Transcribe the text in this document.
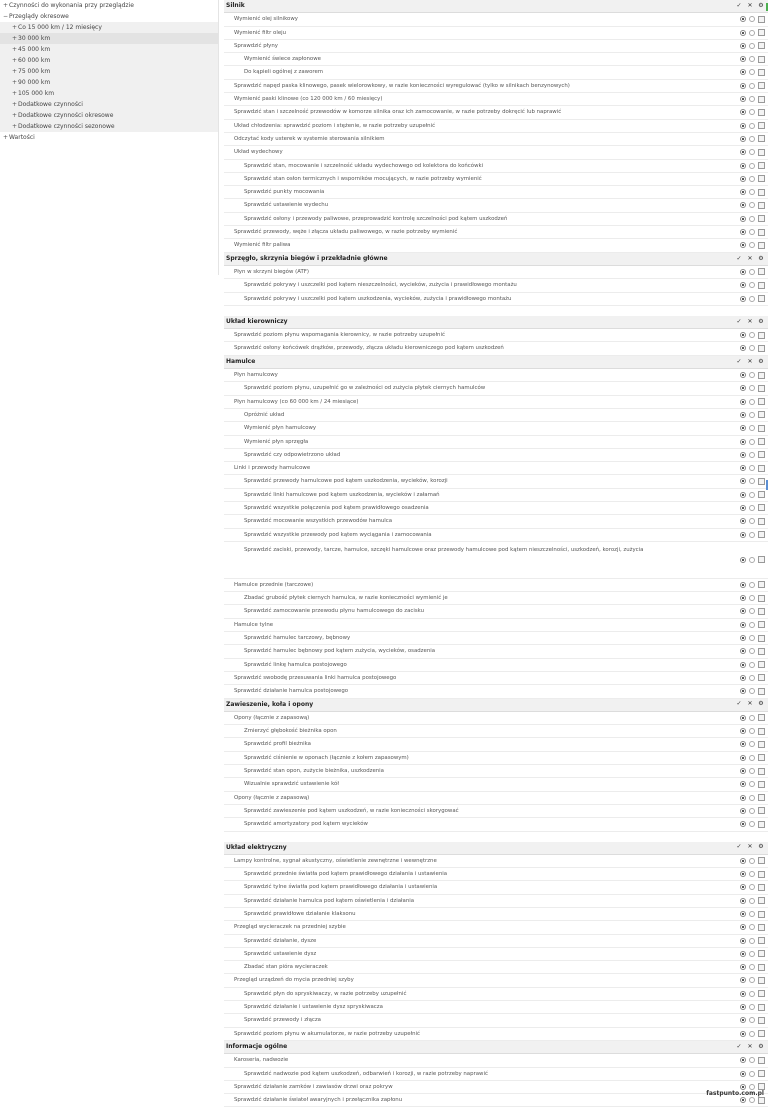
+Czynności do wykonania przy przeglądzie
−Przeglądy okresowe
+Co 15 000 km / 12 miesięcy
+30 000 km
+45 000 km
+60 000 km
+75 000 km
+90 000 km
+105 000 km
+Dodatkowe czynności
+Dodatkowe czynności okresowe
+Dodatkowe czynności sezonowe
+Wartości
Silnik	✓ ✕ ⚙
Wymienić olej silnikowy
Wymienić filtr oleju
Sprawdzić płyny
Wymienić świece zapłonowe
Do kąpieli ogólnej z zaworem
Sprawdzić napęd paska klinowego, pasek wielorowkowy, w razie konieczności wyregulować (tylko w silnikach benzynowych)
Wymienić paski klinowe (co 120 000 km / 60 miesięcy)
Sprawdzić stan i szczelność przewodów w komorze silnika oraz ich zamocowanie, w razie potrzeby dokręcić lub naprawić
Układ chłodzenia: sprawdzić poziom i stężenie, w razie potrzeby uzupełnić
Odczytać kody usterek w systemie sterowania silnikiem
Układ wydechowy
Sprawdzić stan, mocowanie i szczelność układu wydechowego od kolektora do końcówki
Sprawdzić stan osłon termicznych i wsporników mocujących, w razie potrzeby wymienić
Sprawdzić punkty mocowania
Sprawdzić ustawienie wydechu
Sprawdzić osłony i przewody paliwowe, przeprowadzić kontrolę szczelności pod kątem uszkodzeń
Sprawdzić przewody, węże i złącza układu paliwowego, w razie potrzeby wymienić
Wymienić filtr paliwa
Sprzęgło, skrzynia biegów i przekładnie główne	✓ ✕ ⚙
Płyn w skrzyni biegów (ATF)
Sprawdzić pokrywy i uszczelki pod kątem nieszczelności, wycieków, zużycia i prawidłowego montażu
Sprawdzić pokrywy i uszczelki pod kątem uszkodzenia, wycieków, zużycia i prawidłowego montażu
Układ kierowniczy	✓ ✕ ⚙
Sprawdzić poziom płynu wspomagania kierownicy, w razie potrzeby uzupełnić
Sprawdzić osłony końcówek drążków, przewody, złącza układu kierowniczego pod kątem uszkodzeń
Hamulce	✓ ✕ ⚙
Płyn hamulcowy
Sprawdzić poziom płynu, uzupełnić go w zależności od zużycia płytek ciernych hamulców
Płyn hamulcowy (co 60 000 km / 24 miesiące)
Opróżnić układ
Wymienić płyn hamulcowy
Wymienić płyn sprzęgła
Sprawdzić czy odpowietrzono układ
Linki i przewody hamulcowe
Sprawdzić przewody hamulcowe pod kątem uszkodzenia, wycieków, korozji
Sprawdzić linki hamulcowe pod kątem uszkodzenia, wycieków i załamań
Sprawdzić wszystkie połączenia pod kątem prawidłowego osadzenia
Sprawdzić mocowanie wszystkich przewodów hamulca
Sprawdzić wszystkie przewody pod kątem wyciągania i zamocowania
Sprawdzić zaciski, przewody, tarcze, hamulce, szczęki hamulcowe oraz przewody hamulcowe pod kątem nieszczelności, uszkodzeń, korozji, zużycia
Hamulce przednie (tarczowe)
Zbadać grubość płytek ciernych hamulca, w razie konieczności wymienić je
Sprawdzić zamocowanie przewodu płynu hamulcowego do zacisku
Hamulce tylne
Sprawdzić hamulec tarczowy, bębnowy
Sprawdzić hamulec bębnowy pod kątem zużycia, wycieków, osadzenia
Sprawdzić linkę hamulca postojowego
Sprawdzić swobodę przesuwania linki hamulca postojowego
Sprawdzić działanie hamulca postojowego
Zawieszenie, koła i opony	✓ ✕ ⚙
Opony (łącznie z zapasową)
Zmierzyć głębokość bieżnika opon
Sprawdzić profil bieżnika
Sprawdzić ciśnienie w oponach (łącznie z kołem zapasowym)
Sprawdzić stan opon, zużycie bieżnika, uszkodzenia
Wizualnie sprawdzić ustawienie kół
Opony (łącznie z zapasową)
Sprawdzić zawieszenie pod kątem uszkodzeń, w razie konieczności skorygować
Sprawdzić amortyzatory pod kątem wycieków
Układ elektryczny	✓ ✕ ⚙
Lampy kontrolne, sygnał akustyczny, oświetlenie zewnętrzne i wewnętrzne
Sprawdzić przednie światła pod kątem prawidłowego działania i ustawienia
Sprawdzić tylne światła pod kątem prawidłowego działania i ustawienia
Sprawdzić działanie hamulca pod kątem oświetlenia i działania
Sprawdzić prawidłowe działanie klaksonu
Przegląd wycieraczek na przedniej szybie
Sprawdzić działanie, dysze
Sprawdzić ustawienie dysz
Zbadać stan pióra wycieraczek
Przegląd urządzeń do mycia przedniej szyby
Sprawdzić płyn do spryskiwaczy, w razie potrzeby uzupełnić
Sprawdzić działanie i ustawienie dysz spryskiwacza
Sprawdzić przewody i złącza
Sprawdzić poziom płynu w akumulatorze, w razie potrzeby uzupełnić
Informacje ogólne	✓ ✕ ⚙
Karoseria, nadwozie
Sprawdzić nadwozie pod kątem uszkodzeń, odbarwień i korozji, w razie potrzeby naprawić
Sprawdzić działanie zamków i zawiasów drzwi oraz pokryw
Sprawdzić działanie świateł awaryjnych i przełącznika zapłonu
fastpunto.com.pl
